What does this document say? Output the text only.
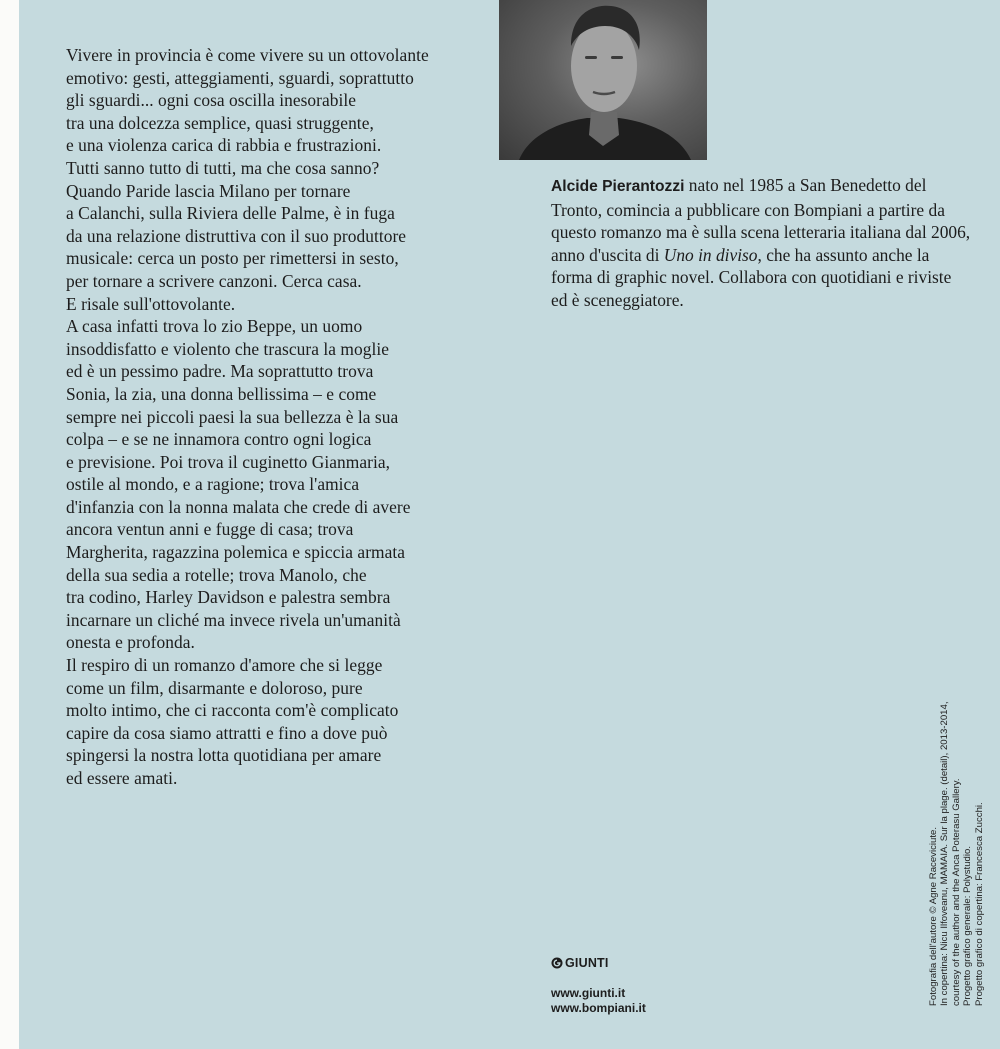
Vivere in provincia è come vivere su un ottovolante
emotivo: gesti, atteggiamenti, sguardi, soprattutto
gli sguardi... ogni cosa oscilla inesorabile
tra una dolcezza semplice, quasi struggente,
e una violenza carica di rabbia e frustrazioni.
Tutti sanno tutto di tutti, ma che cosa sanno?
Quando Paride lascia Milano per tornare
a Calanchi, sulla Riviera delle Palme, è in fuga
da una relazione distruttiva con il suo produttore
musicale: cerca un posto per rimettersi in sesto,
per tornare a scrivere canzoni. Cerca casa.
E risale sull'ottovolante.
A casa infatti trova lo zio Beppe, un uomo
insoddisfatto e violento che trascura la moglie
ed è un pessimo padre. Ma soprattutto trova
Sonia, la zia, una donna bellissima – e come
sempre nei piccoli paesi la sua bellezza è la sua
colpa – e se ne innamora contro ogni logica
e previsione. Poi trova il cuginetto Gianmaria,
ostile al mondo, e a ragione; trova l'amica
d'infanzia con la nonna malata che crede di avere
ancora ventun anni e fugge di casa; trova
Margherita, ragazzina polemica e spiccia armata
della sua sedia a rotelle; trova Manolo, che
tra codino, Harley Davidson e palestra sembra
incarnare un cliché ma invece rivela un'umanità
onesta e profonda.
Il respiro di un romanzo d'amore che si legge
come un film, disarmante e doloroso, pure
molto intimo, che ci racconta com'è complicato
capire da cosa siamo attratti e fino a dove può
spingersi la nostra lotta quotidiana per amare
ed essere amati.

Alcide Pierantozzi nato nel 1985 a San Benedetto del Tronto, comincia a pubblicare con Bompiani a partire da questo romanzo ma è sulla scena letteraria italiana dal 2006, anno d'uscita di Uno in diviso, che ha assunto anche la forma di graphic novel. Collabora con quotidiani e riviste ed è sceneggiatore.

GIUNTI
www.giunti.it
www.bompiani.it
Fotografia dell'autore © Agne Raceviciute. In copertina: Nicu Ilfoveanu, MAMAIA. Sur la plage. (detail), 2013-2014, courtesy of the author and the Anca Poterasu Gallery. Progetto grafico generale: Polystudio. Progetto grafico di copertina: Francesca Zucchi.
